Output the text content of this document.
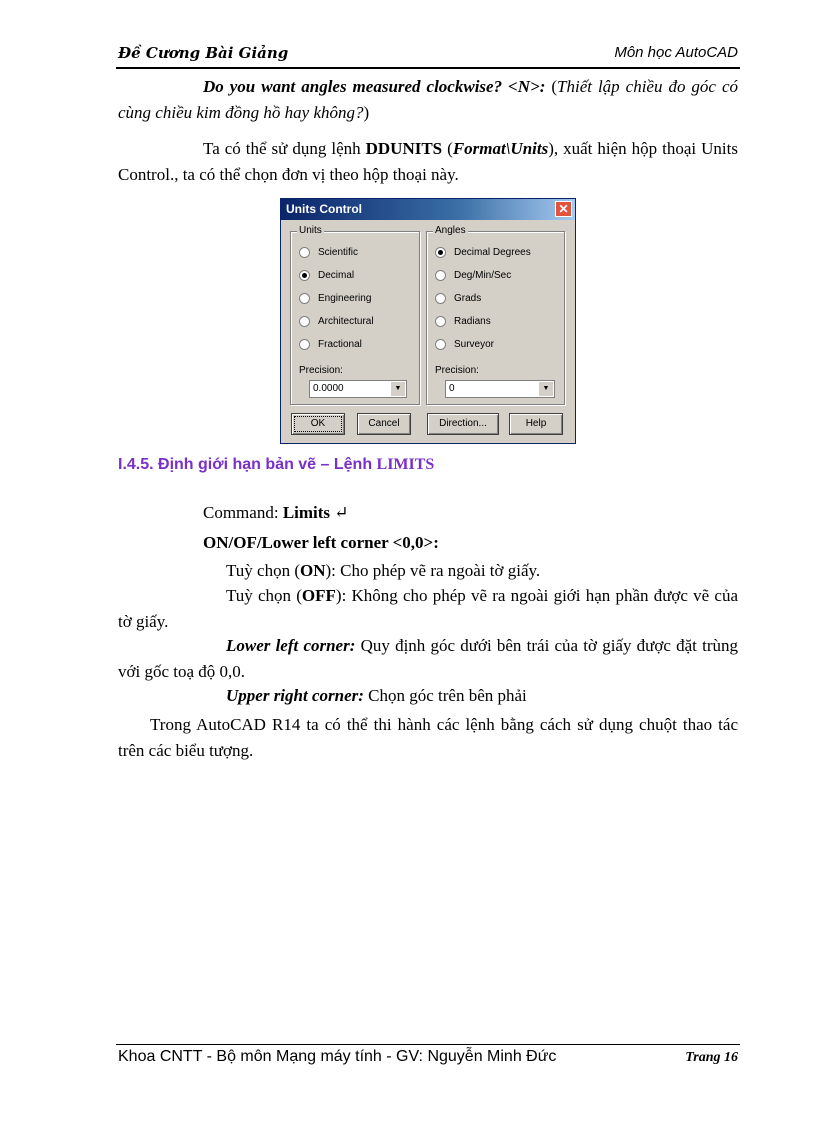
Đề Cương Bài Giảng	Môn học AutoCAD
Do you want angles measured clockwise? <N>: (Thiết lập chiều đo góc có cùng chiều kim đồng hồ hay không?)
Ta có thể sử dụng lệnh DDUNITS (Format\Units), xuất hiện hộp thoại Units Control., ta có thể chọn đơn vị theo hộp thoại này.
Units Control	✕
Units
Scientific
Decimal
Engineering
Architectural
Fractional
Precision:
0.0000	▼
Angles
Decimal Degrees
Deg/Min/Sec
Grads
Radians
Surveyor
Precision:
0	▼
OK	Cancel	Direction...	Help
I.4.5. Định giới hạn bản vẽ – Lệnh LIMITS
Command: Limits ↵
ON/OF/Lower left corner <0,0>:
Tuỳ chọn (ON): Cho phép vẽ ra ngoài tờ giấy.
Tuỳ chọn (OFF): Không cho phép vẽ ra ngoài giới hạn phần được vẽ của tờ giấy.
Lower left corner: Quy định góc dưới bên trái của tờ giấy được đặt trùng với gốc toạ độ 0,0.
Upper right corner: Chọn góc trên bên phải
Trong AutoCAD R14 ta có thể thi hành các lệnh bằng cách sử dụng chuột thao tác trên các biểu tượng.
Khoa CNTT - Bộ môn Mạng máy tính - GV: Nguyễn Minh Đức	Trang 16
